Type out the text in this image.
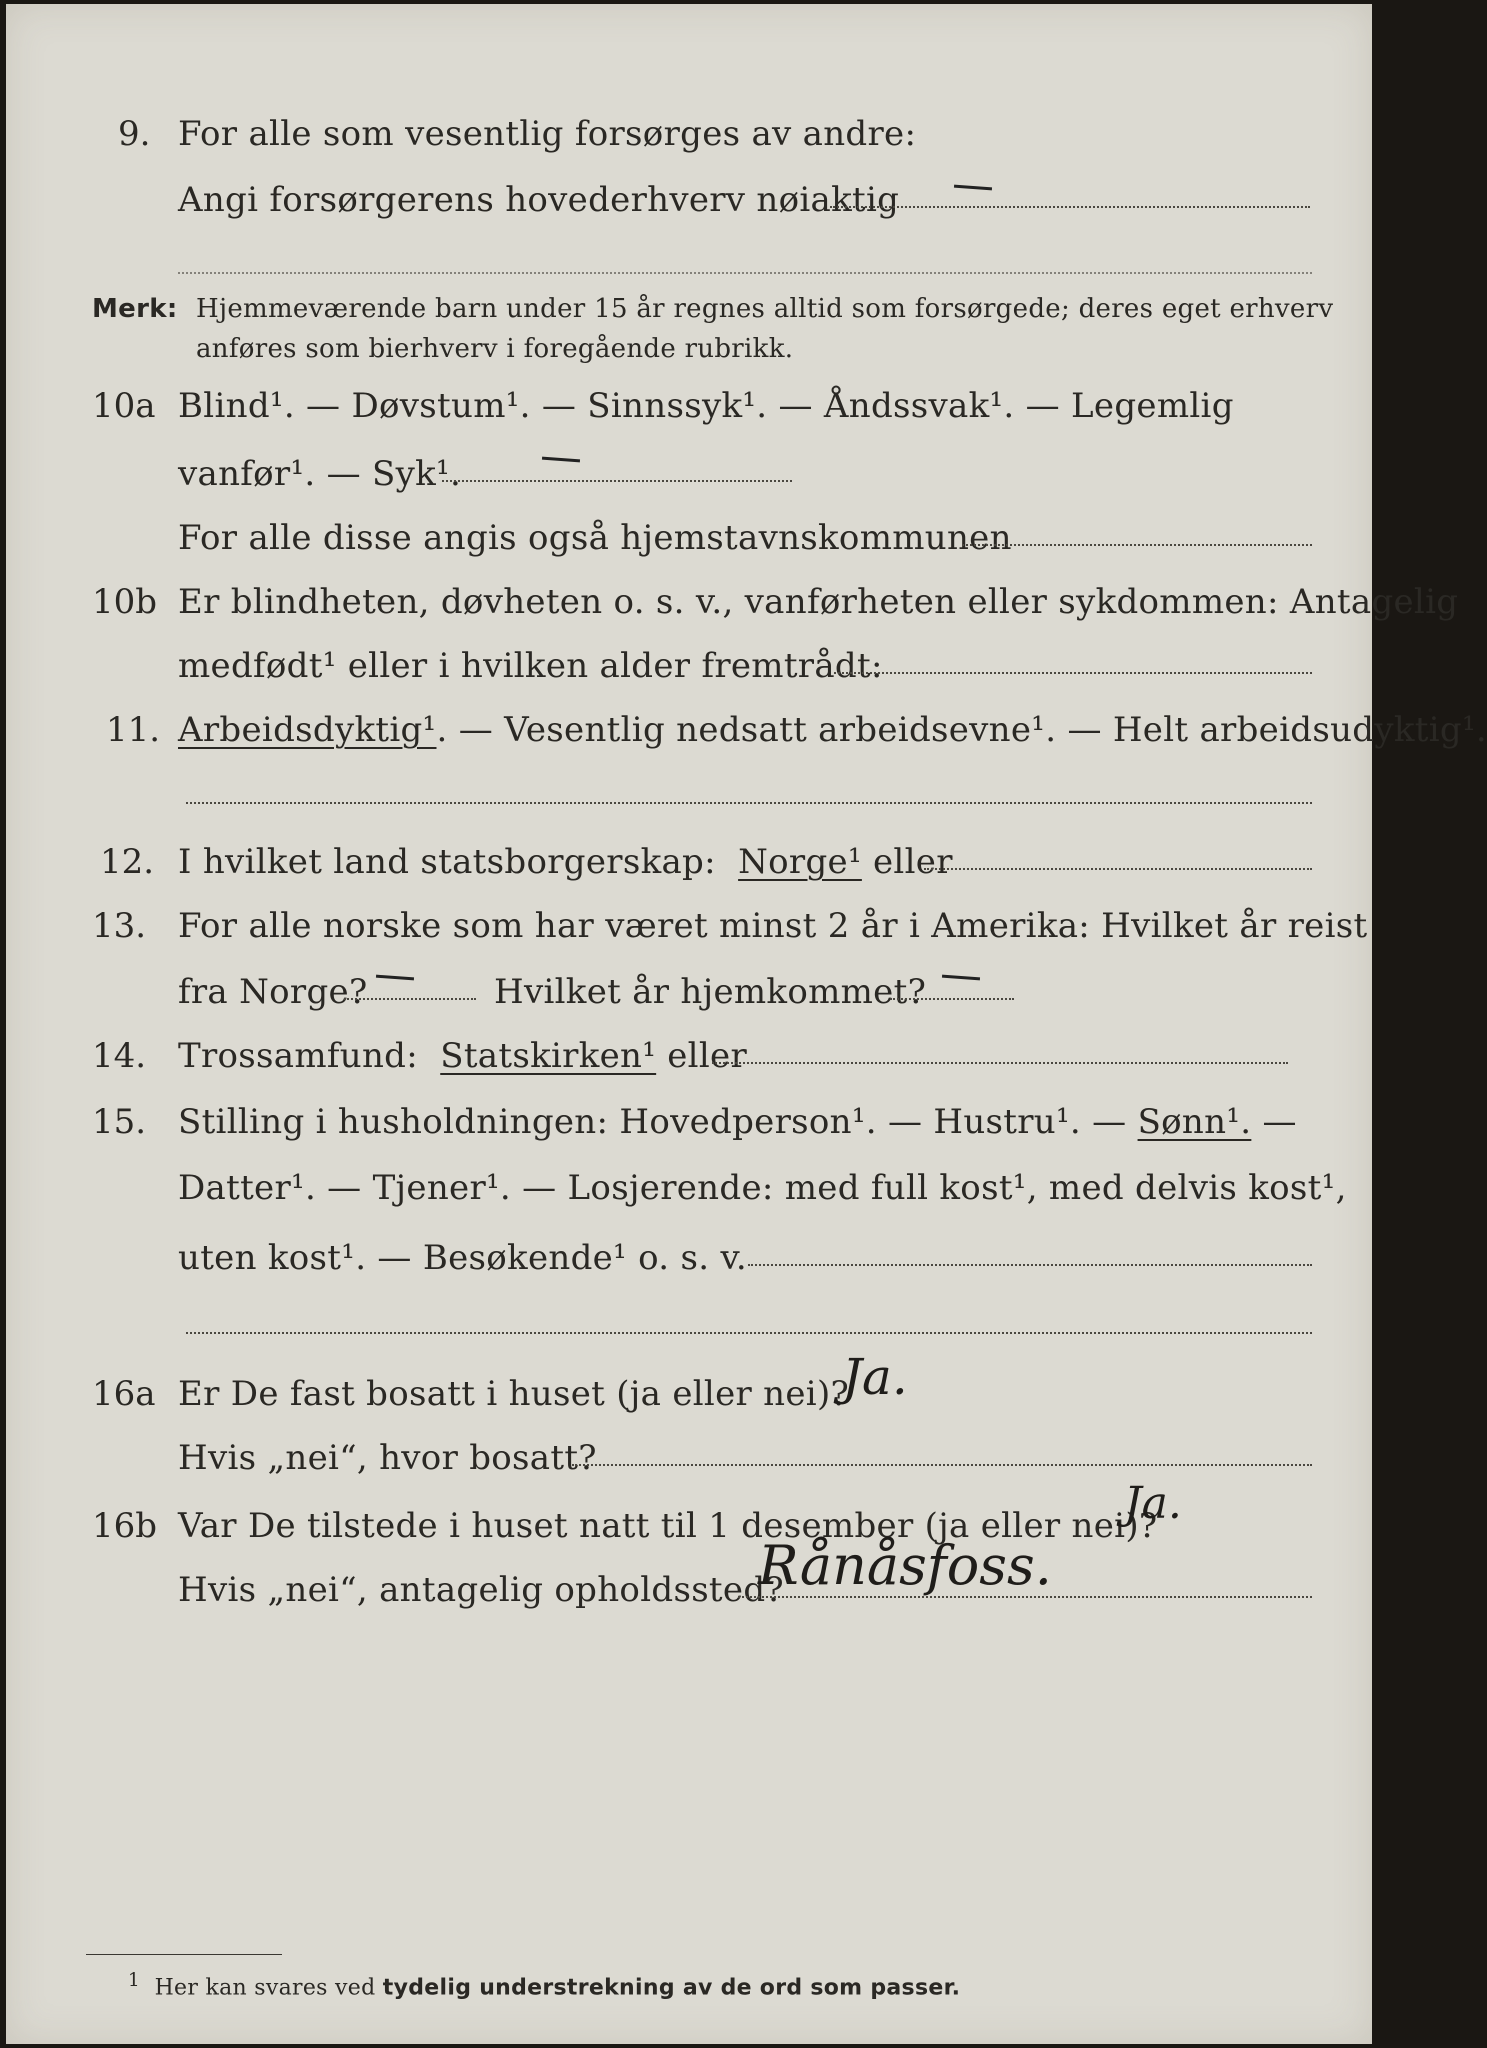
9. For alle som vesentlig forsørges av andre:
Angi forsørgerens hovederhverv nøiaktig
Merk: Hjemmeværende barn under 15 år regnes alltid som forsørgede; deres eget erhverv
anføres som bierhverv i foregående rubrikk.
10a Blind¹. — Døvstum¹. — Sinnssyk¹. — Åndssvak¹. — Legemlig
vanfør¹. — Syk¹.
For alle disse angis også hjemstavnskommunen
10b Er blindheten, døvheten o. s. v., vanførheten eller sykdommen: Antagelig
medfødt¹ eller i hvilken alder fremtrådt:
11. Arbeidsdyktig¹. — Vesentlig nedsatt arbeidsevne¹. — Helt arbeidsudyktig¹.
12. I hvilket land statsborgerskap: Norge¹ eller
13. For alle norske som har været minst 2 år i Amerika: Hvilket år reist
fra Norge?	Hvilket år hjemkommet?
14. Trossamfund: Statskirken¹ eller
15. Stilling i husholdningen: Hovedperson¹. — Hustru¹. — Sønn¹. —
Datter¹. — Tjener¹. — Losjerende: med full kost¹, med delvis kost¹,
uten kost¹. — Besøkende¹ o. s. v.
16a Er De fast bosatt i huset (ja eller nei)?
Ja.
Hvis „nei“, hvor bosatt?
16b Var De tilstede i huset natt til 1 desember (ja eller nei)?
Ja.
Hvis „nei“, antagelig opholdssted?
Rånåsfoss.
$^1$ Her kan svares ved tydelig understrekning av de ord som passer.
